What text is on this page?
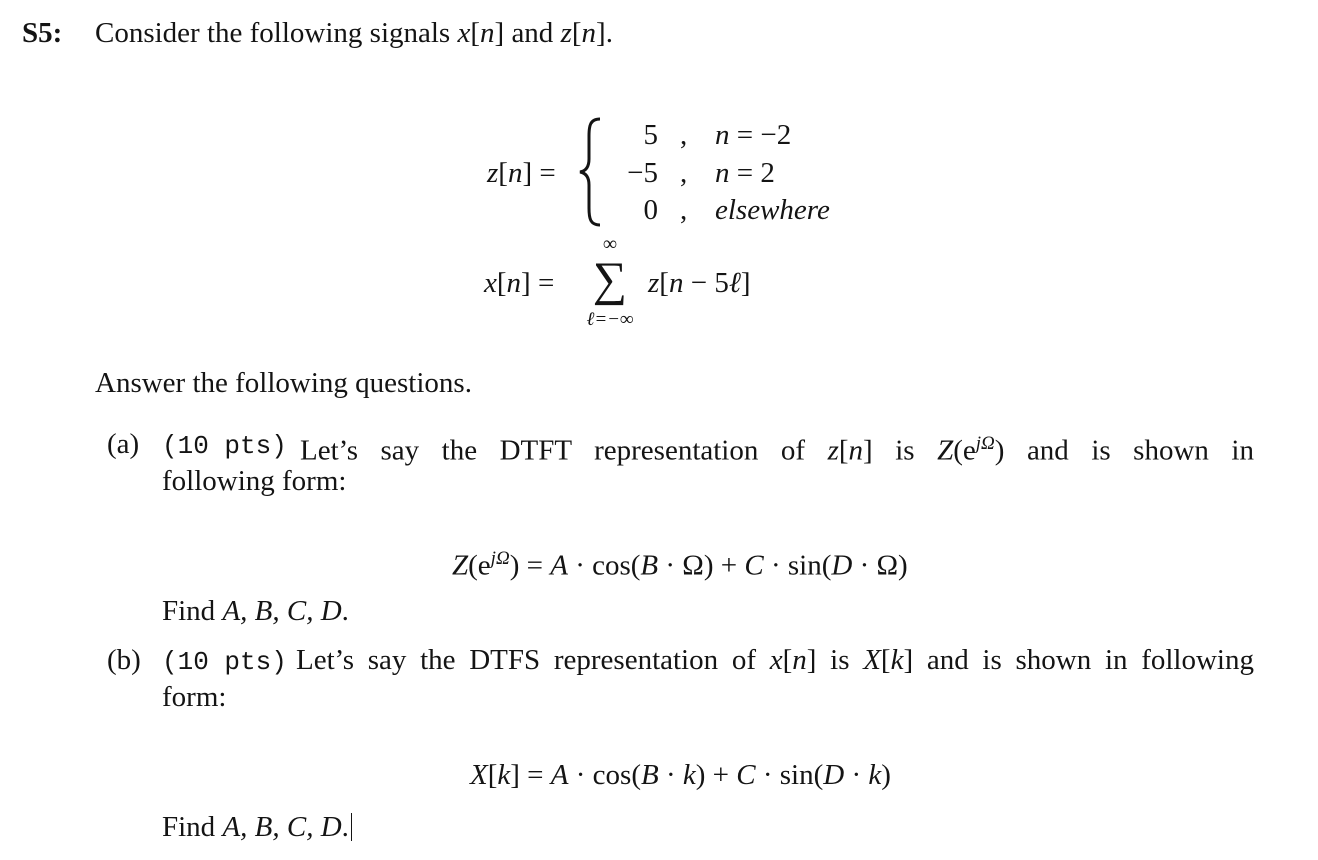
S5: Consider the following signals x[n] and z[n].
z[n] =
5 , n = −2
−5 , n = 2
0 , elsewhere
x[n] =
∞
∑
ℓ=−∞
z[n − 5ℓ]
Answer the following questions.
(a) (10 pts) Let’s say the DTFT representation of z[n] is $Z(e^{j\Omega})$ and is shown in
following form:
$Z(e^{j\Omega}) = A \cdot \cos(B \cdot \Omega) + C \cdot \sin(D \cdot \Omega)$
Find A, B, C, D.
(b) (10 pts) Let’s say the DTFS representation of x[n] is X[k] and is shown in following
form:
X[k] = A · cos(B · k) + C · sin(D · k)
Find A, B, C, D.
